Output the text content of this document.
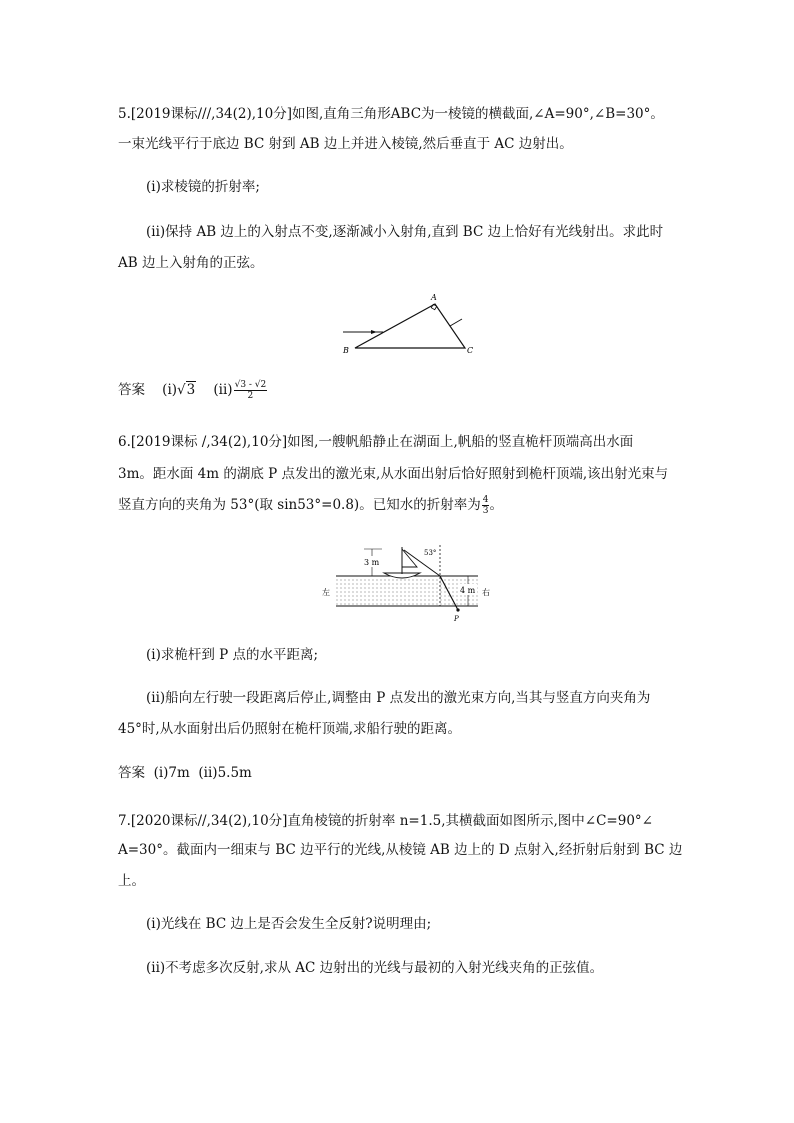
5.[2019课标///,34(2),10分]如图,直角三角形ABC为一棱镜的横截面,∠A=90°,∠B=30°。
一束光线平行于底边 BC 射到 AB 边上并进入棱镜,然后垂直于 AC 边射出。
(i)求棱镜的折射率;
(ii)保持 AB 边上的入射点不变,逐渐减小入射角,直到 BC 边上恰好有光线射出。求此时
AB 边上入射角的正弦。
A
B	C
答案 (i)√3 $(ii) \frac{√3 - √2}{2}$
6.[2019课标 /,34(2),10分]如图,一艘帆船静止在湖面上,帆船的竖直桅杆顶端高出水面
3m。距水面 4m 的湖底 P 点发出的激光束,从水面出射后恰好照射到桅杆顶端,该出射光束与
竖直方向的夹角为 53°(取 sin53°=0.8)。已知水的折射率为 $\frac{4}{3}$ 。
3 m
53°
4 m
左	右
P
(i)求桅杆到 P 点的水平距离;
(ii)船向左行驶一段距离后停止,调整由 P 点发出的激光束方向,当其与竖直方向夹角为
45°时,从水面射出后仍照射在桅杆顶端,求船行驶的距离。
答案  (i)7m  (ii)5.5m
7.[2020课标//,34(2),10分]直角棱镜的折射率 n=1.5,其横截面如图所示,图中∠C=90°∠
A=30°。截面内一细束与 BC 边平行的光线,从棱镜 AB 边上的 D 点射入,经折射后射到 BC 边
上。
(i)光线在 BC 边上是否会发生全反射?说明理由;
(ii)不考虑多次反射,求从 AC 边射出的光线与最初的入射光线夹角的正弦值。
